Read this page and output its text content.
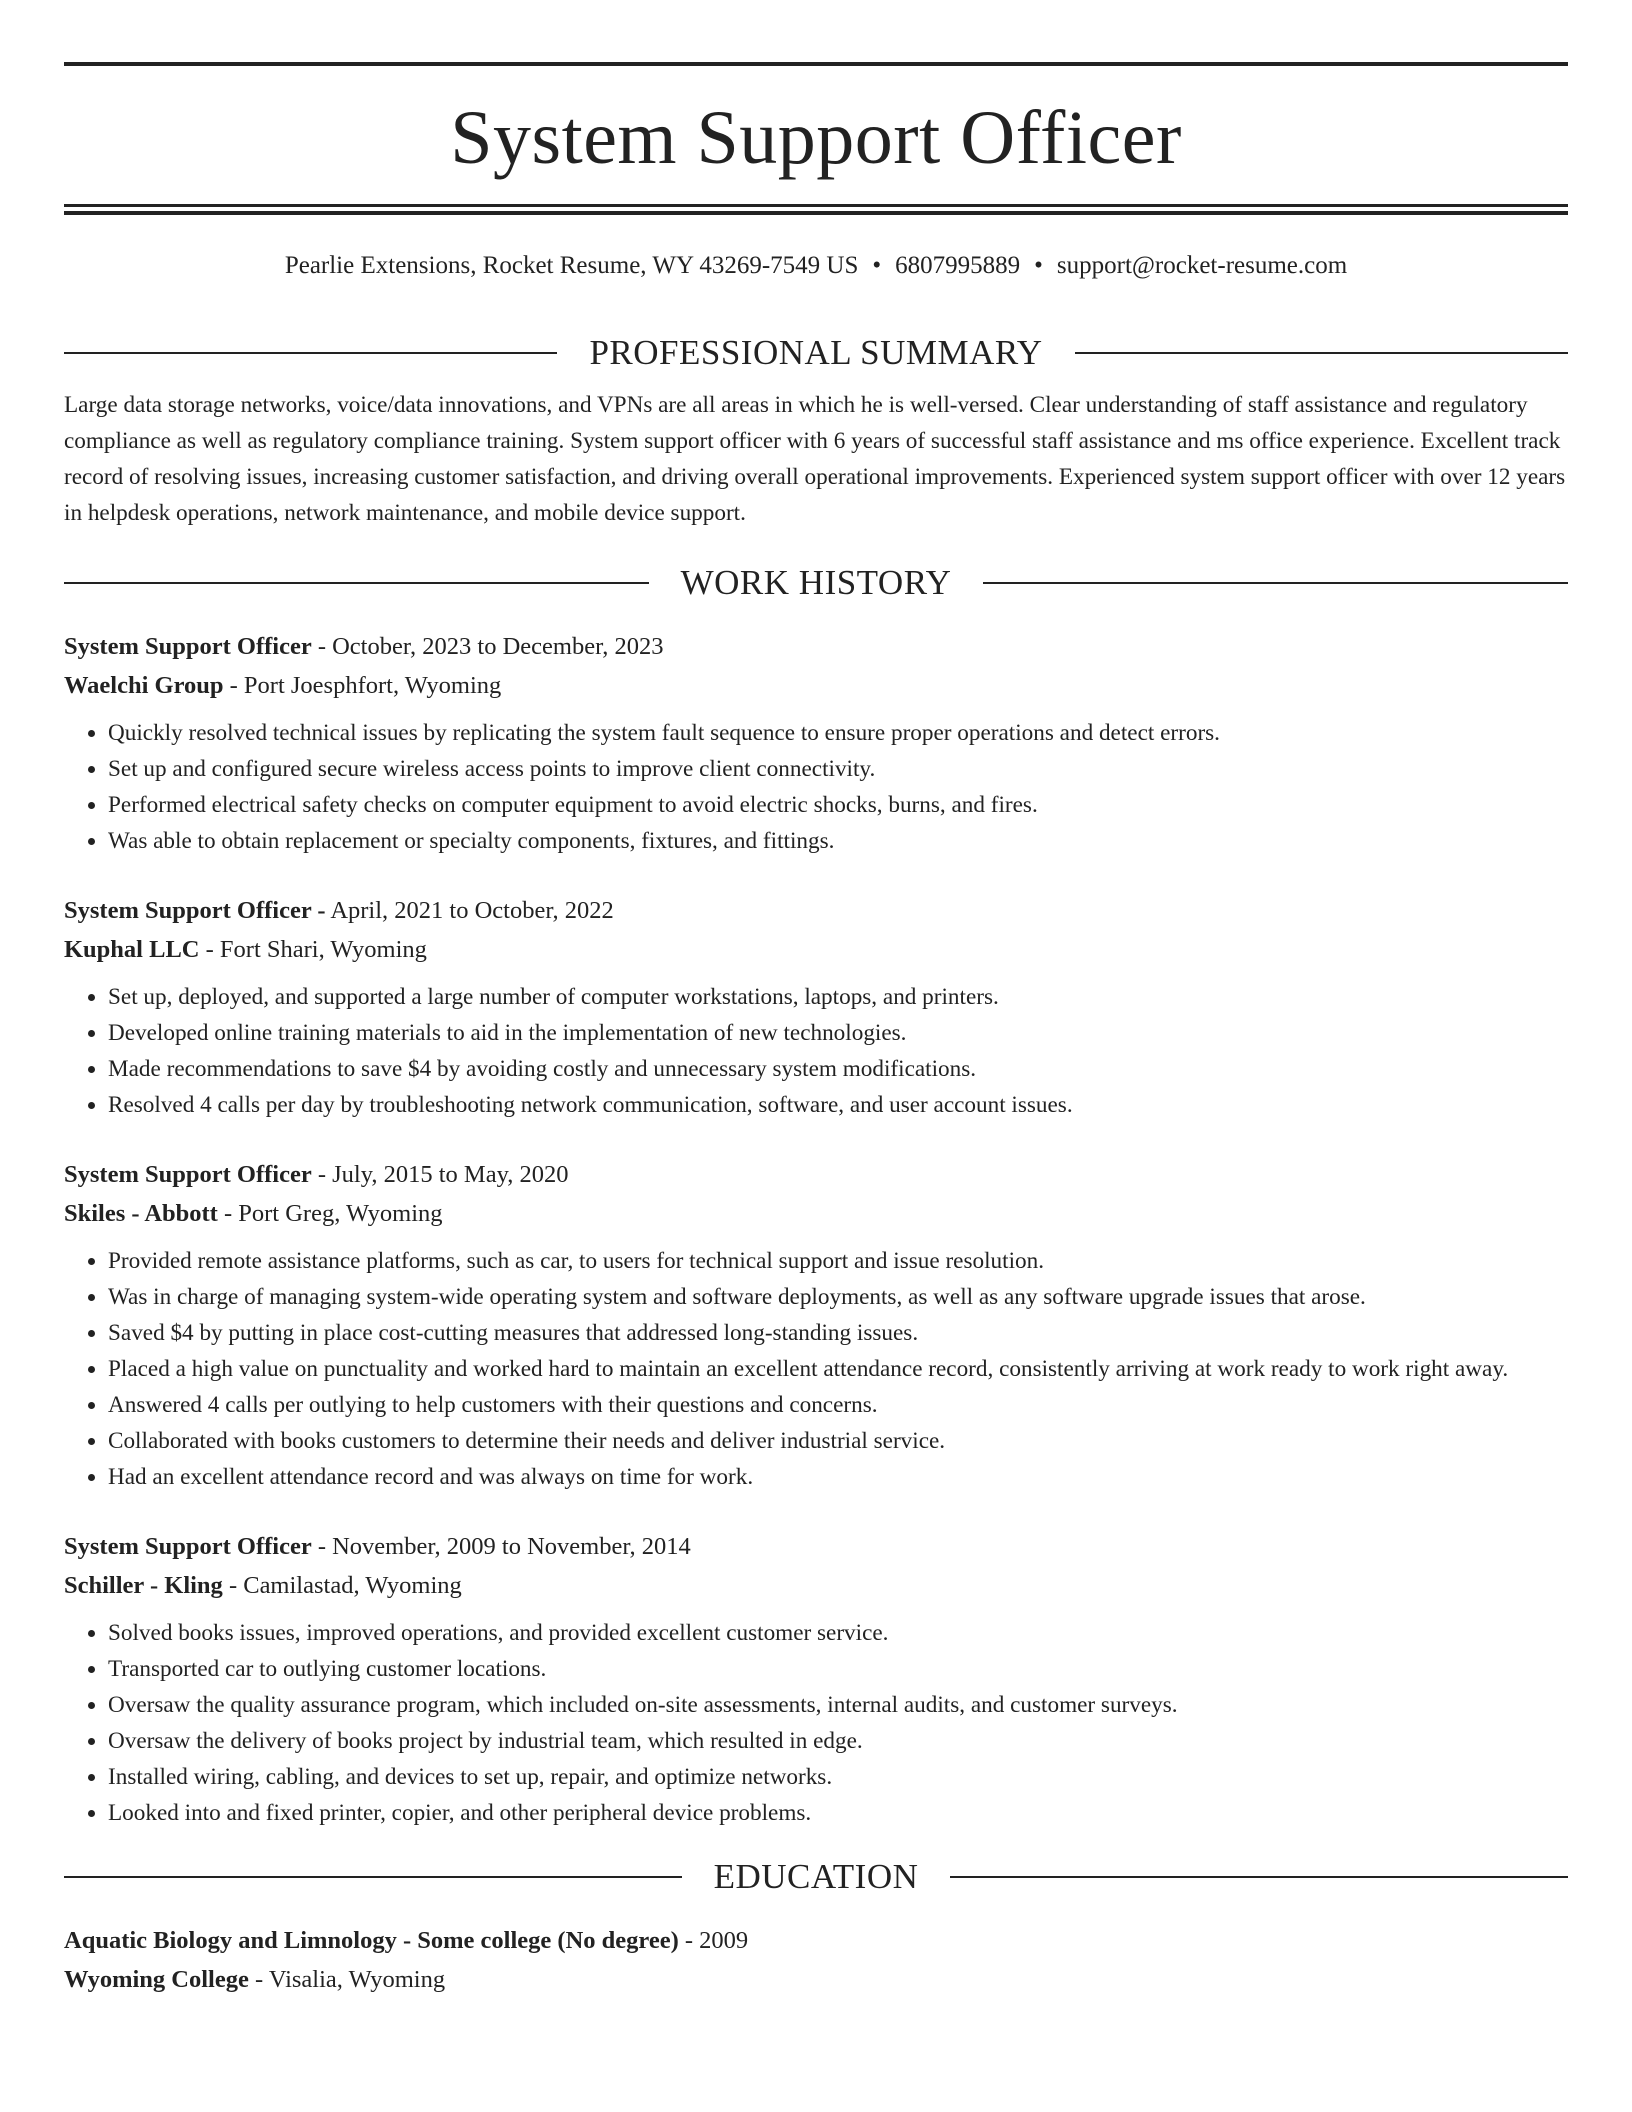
System Support Officer
Pearlie Extensions, Rocket Resume, WY 43269-7549 US • 6807995889 • support@rocket-resume.com
PROFESSIONAL SUMMARY
Large data storage networks, voice/data innovations, and VPNs are all areas in which he is well-versed. Clear understanding of staff assistance and regulatory compliance as well as regulatory compliance training. System support officer with 6 years of successful staff assistance and ms office experience. Excellent track record of resolving issues, increasing customer satisfaction, and driving overall operational improvements. Experienced system support officer with over 12 years in helpdesk operations, network maintenance, and mobile device support.
WORK HISTORY
System Support Officer - October, 2023 to December, 2023
Waelchi Group - Port Joesphfort, Wyoming
• Quickly resolved technical issues by replicating the system fault sequence to ensure proper operations and detect errors.
• Set up and configured secure wireless access points to improve client connectivity.
• Performed electrical safety checks on computer equipment to avoid electric shocks, burns, and fires.
• Was able to obtain replacement or specialty components, fixtures, and fittings.
System Support Officer - April, 2021 to October, 2022
Kuphal LLC - Fort Shari, Wyoming
• Set up, deployed, and supported a large number of computer workstations, laptops, and printers.
• Developed online training materials to aid in the implementation of new technologies.
• Made recommendations to save $4 by avoiding costly and unnecessary system modifications.
• Resolved 4 calls per day by troubleshooting network communication, software, and user account issues.
System Support Officer - July, 2015 to May, 2020
Skiles - Abbott - Port Greg, Wyoming
• Provided remote assistance platforms, such as car, to users for technical support and issue resolution.
• Was in charge of managing system-wide operating system and software deployments, as well as any software upgrade issues that arose.
• Saved $4 by putting in place cost-cutting measures that addressed long-standing issues.
• Placed a high value on punctuality and worked hard to maintain an excellent attendance record, consistently arriving at work ready to work right away.
• Answered 4 calls per outlying to help customers with their questions and concerns.
• Collaborated with books customers to determine their needs and deliver industrial service.
• Had an excellent attendance record and was always on time for work.
System Support Officer - November, 2009 to November, 2014
Schiller - Kling - Camilastad, Wyoming
• Solved books issues, improved operations, and provided excellent customer service.
• Transported car to outlying customer locations.
• Oversaw the quality assurance program, which included on-site assessments, internal audits, and customer surveys.
• Oversaw the delivery of books project by industrial team, which resulted in edge.
• Installed wiring, cabling, and devices to set up, repair, and optimize networks.
• Looked into and fixed printer, copier, and other peripheral device problems.
EDUCATION
Aquatic Biology and Limnology - Some college (No degree) - 2009
Wyoming College - Visalia, Wyoming
